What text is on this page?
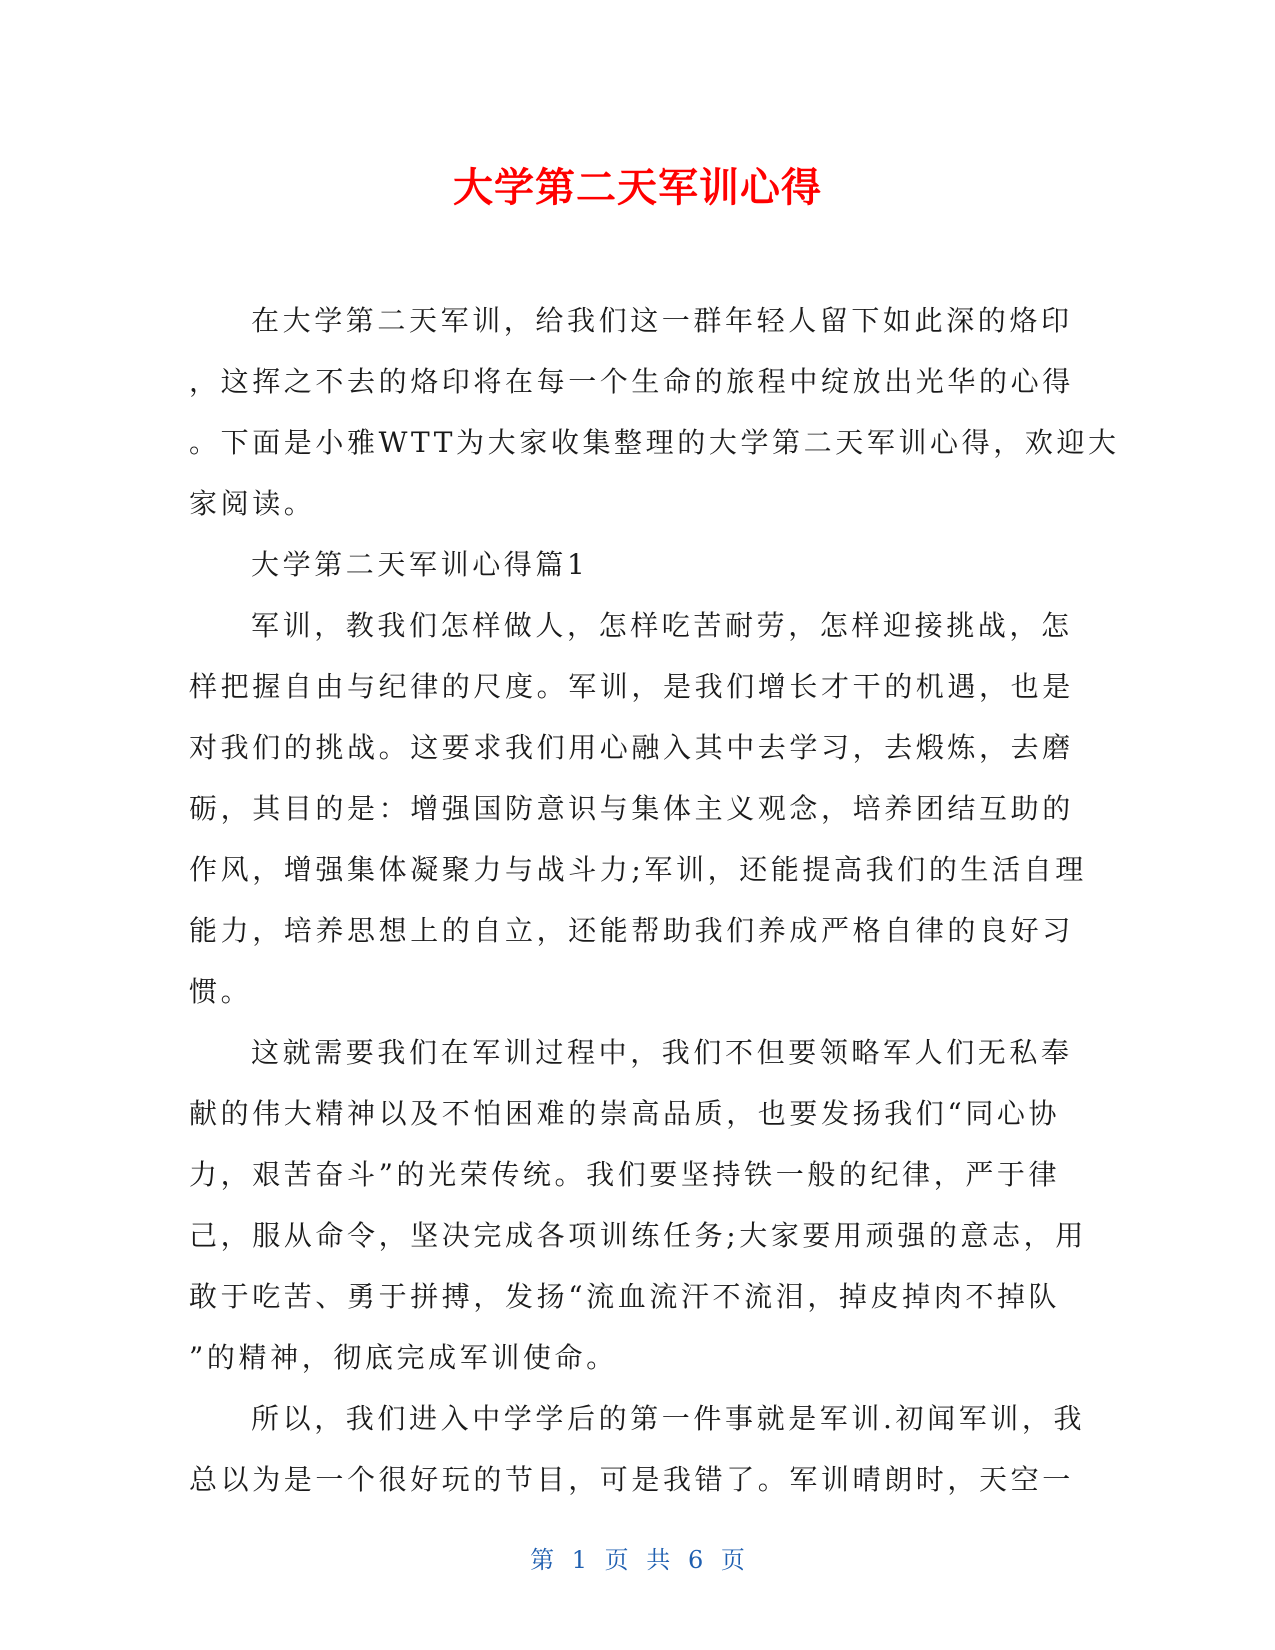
大学第二天军训心得
在大学第二天军训，给我们这一群年轻人留下如此深的烙印
，这挥之不去的烙印将在每一个生命的旅程中绽放出光华的心得
。下面是小雅WTT为大家收集整理的大学第二天军训心得，欢迎大
家阅读。
大学第二天军训心得篇1
军训，教我们怎样做人，怎样吃苦耐劳，怎样迎接挑战，怎
样把握自由与纪律的尺度。军训，是我们增长才干的机遇，也是
对我们的挑战。这要求我们用心融入其中去学习，去煅炼，去磨
砺，其目的是：增强国防意识与集体主义观念，培养团结互助的
作风，增强集体凝聚力与战斗力;军训，还能提高我们的生活自理
能力，培养思想上的自立，还能帮助我们养成严格自律的良好习
惯。
这就需要我们在军训过程中，我们不但要领略军人们无私奉
献的伟大精神以及不怕困难的崇高品质，也要发扬我们“同心协
力，艰苦奋斗”的光荣传统。我们要坚持铁一般的纪律，严于律
己，服从命令，坚决完成各项训练任务;大家要用顽强的意志，用
敢于吃苦、勇于拼搏，发扬“流血流汗不流泪，掉皮掉肉不掉队
”的精神，彻底完成军训使命。
所以，我们进入中学学后的第一件事就是军训.初闻军训，我
总以为是一个很好玩的节目，可是我错了。军训晴朗时，天空一
第 1 页 共 6 页
